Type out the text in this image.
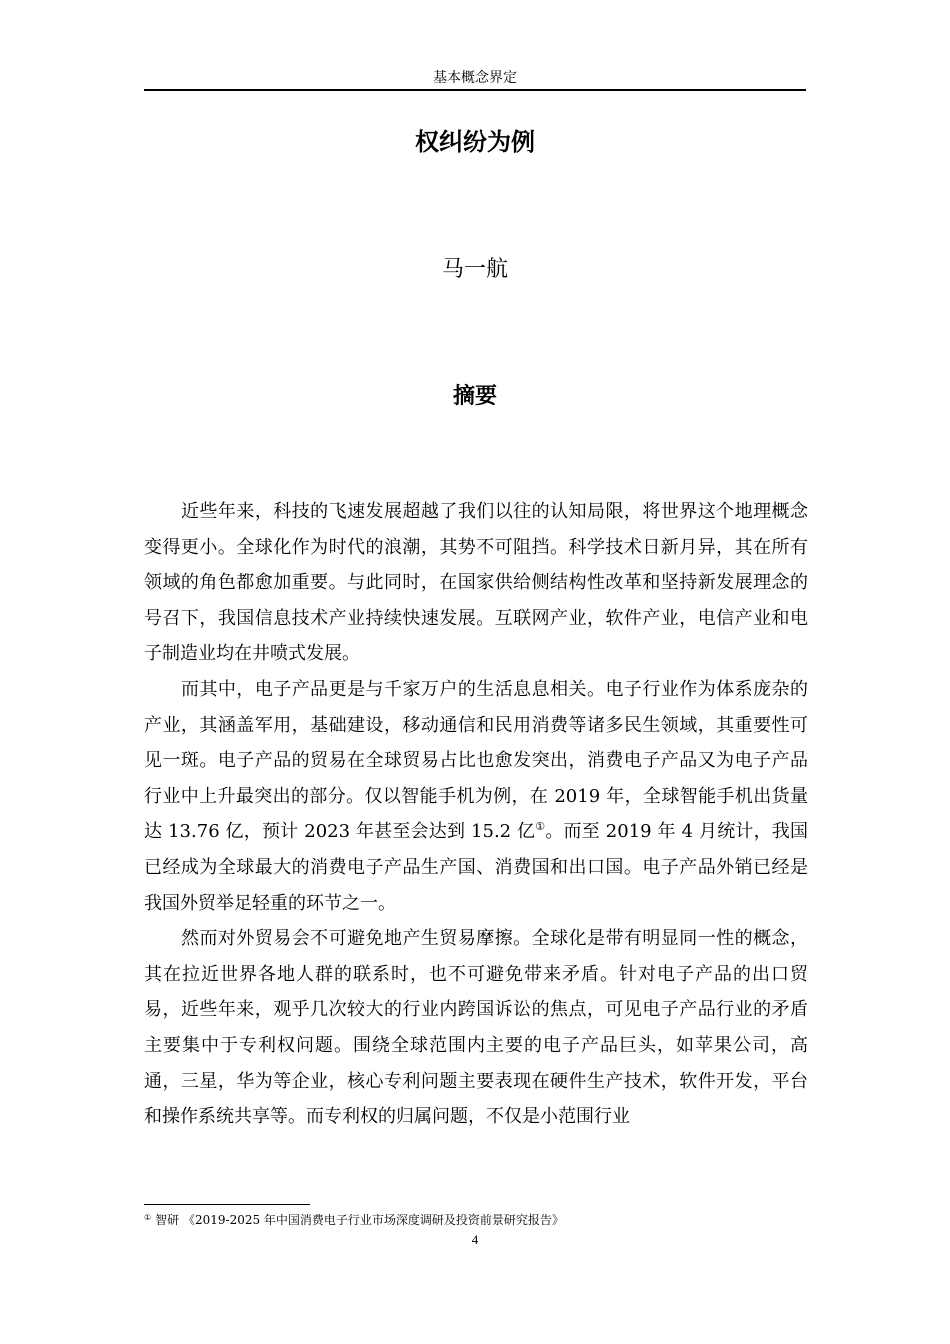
基本概念界定
权纠纷为例
马一航
摘要

近些年来，科技的飞速发展超越了我们以往的认知局限，将世界这个地理概念变得更小。全球化作为时代的浪潮，其势不可阻挡。科学技术日新月异，其在所有领域的角色都愈加重要。与此同时，在国家供给侧结构性改革和坚持新发展理念的号召下，我国信息技术产业持续快速发展。互联网产业，软件产业，电信产业和电子制造业均在井喷式发展。

而其中，电子产品更是与千家万户的生活息息相关。电子行业作为体系庞杂的产业，其涵盖军用，基础建设，移动通信和民用消费等诸多民生领域，其重要性可见一斑。电子产品的贸易在全球贸易占比也愈发突出，消费电子产品又为电子产品行业中上升最突出的部分。仅以智能手机为例，在 2019 年，全球智能手机出货量达 13.76 亿，预计 2023 年甚至会达到 15.2 亿①。而至 2019 年 4 月统计，我国已经成为全球最大的消费电子产品生产国、消费国和出口国。电子产品外销已经是我国外贸举足轻重的环节之一。

然而对外贸易会不可避免地产生贸易摩擦。全球化是带有明显同一性的概念，其在拉近世界各地人群的联系时，也不可避免带来矛盾。针对电子产品的出口贸易，近些年来，观乎几次较大的行业内跨国诉讼的焦点，可见电子产品行业的矛盾主要集中于专利权问题。围绕全球范围内主要的电子产品巨头，如苹果公司，高通，三星，华为等企业，核心专利问题主要表现在硬件生产技术，软件开发，平台和操作系统共享等。而专利权的归属问题，不仅是小范围行业

① 智研 《2019-2025 年中国消费电子行业市场深度调研及投资前景研究报告》
4
